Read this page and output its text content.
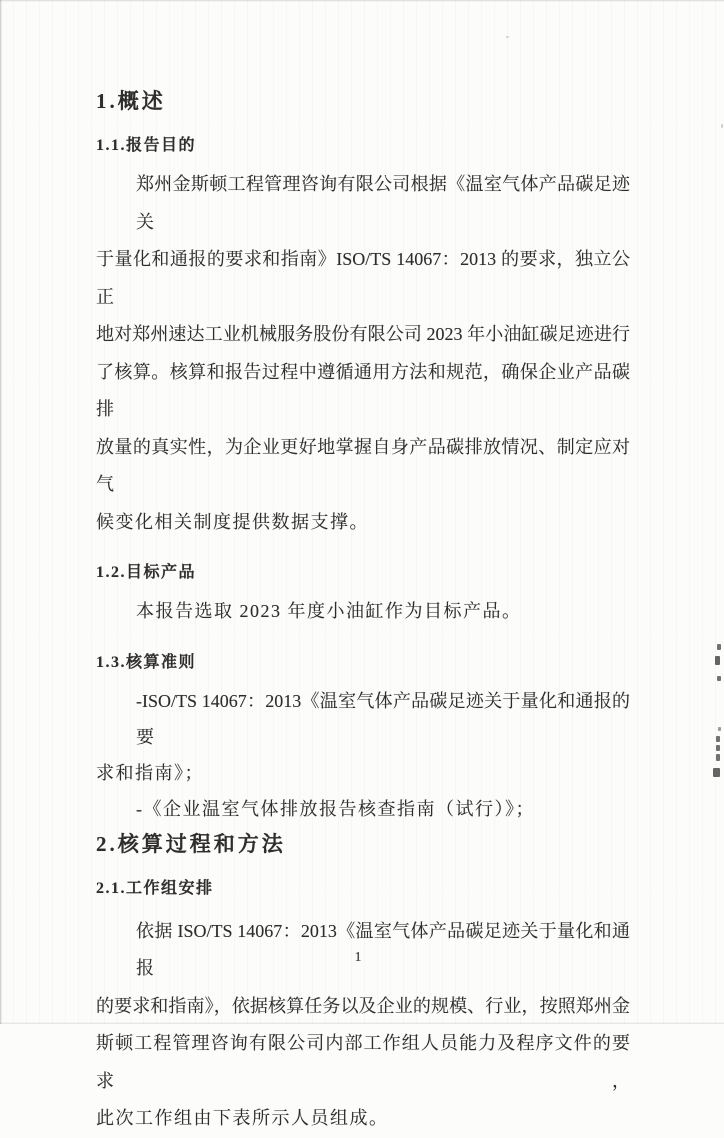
1.概述
1.1.报告目的
郑州金斯顿工程管理咨询有限公司根据《温室气体产品碳足迹关
于量化和通报的要求和指南》ISO/TS 14067：2013 的要求，独立公正
地对郑州速达工业机械服务股份有限公司 2023 年小油缸碳足迹进行
了核算。核算和报告过程中遵循通用方法和规范，确保企业产品碳排
放量的真实性，为企业更好地掌握自身产品碳排放情况、制定应对气
候变化相关制度提供数据支撑。
1.2.目标产品
本报告选取 2023 年度小油缸作为目标产品。
1.3.核算准则
-ISO/TS 14067：2013《温室气体产品碳足迹关于量化和通报的要
求和指南》；
-《企业温室气体排放报告核查指南（试行）》；
2.核算过程和方法
2.1.工作组安排
依据 ISO/TS 14067：2013《温室气体产品碳足迹关于量化和通报
的要求和指南》，依据核算任务以及企业的规模、行业，按照郑州金
斯顿工程管理咨询有限公司内部工作组人员能力及程序文件的要求，
此次工作组由下表所示人员组成。
1
